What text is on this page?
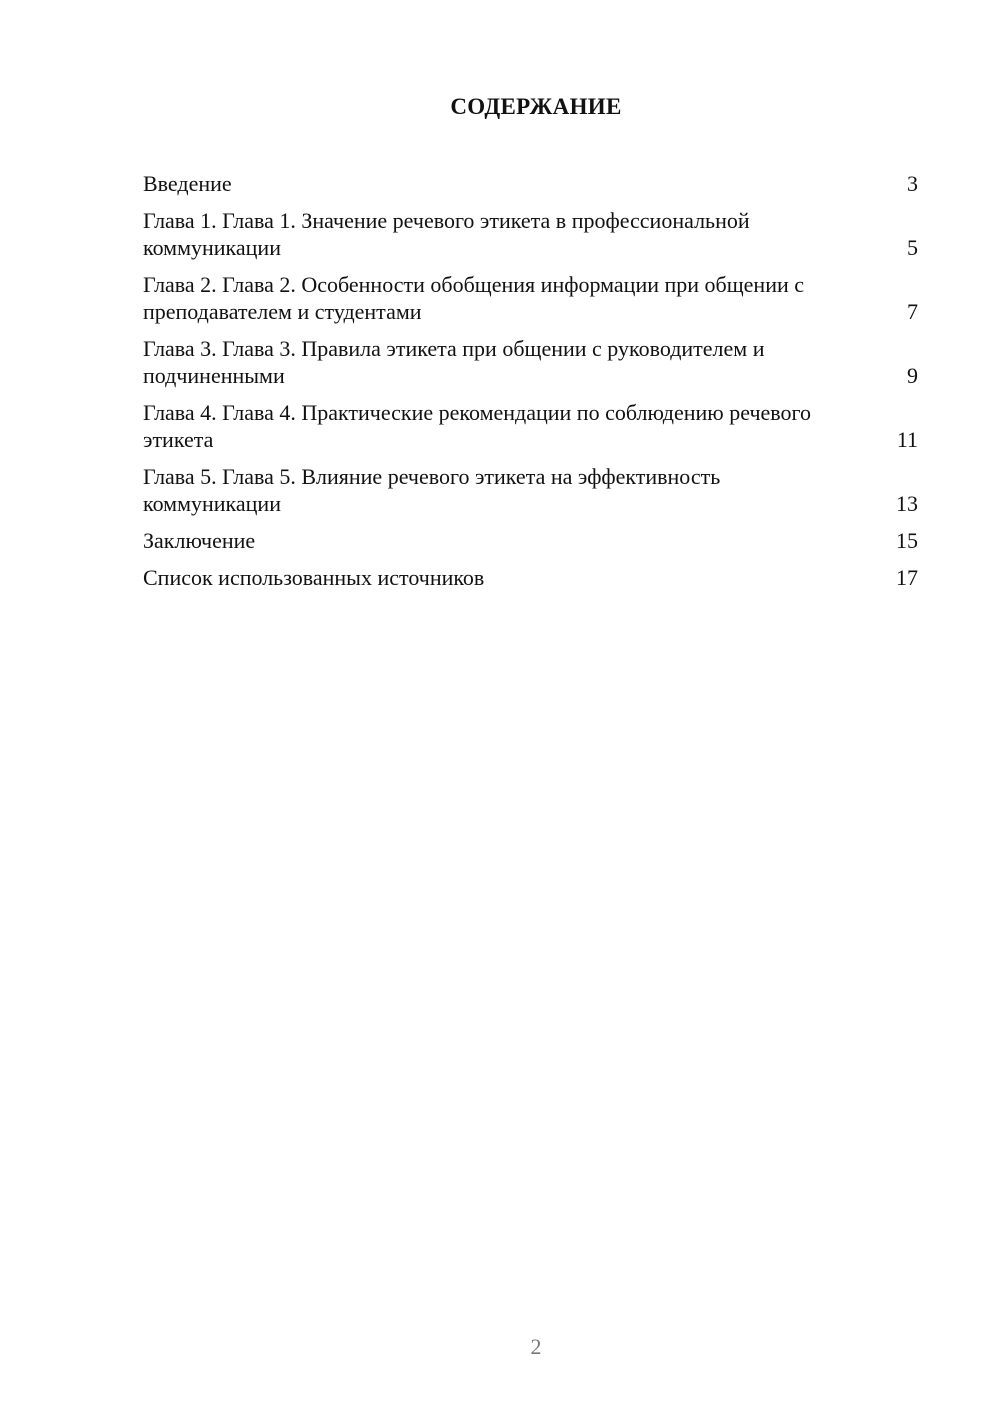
СОДЕРЖАНИЕ
Введение	3
Глава 1. Глава 1. Значение речевого этикета в профессиональной коммуникации	5
Глава 2. Глава 2. Особенности обобщения информации при общении с преподавателем и студентами	7
Глава 3. Глава 3. Правила этикета при общении с руководителем и подчиненными	9
Глава 4. Глава 4. Практические рекомендации по соблюдению речевого этикета	11
Глава 5. Глава 5. Влияние речевого этикета на эффективность коммуникации	13
Заключение	15
Список использованных источников	17
2
